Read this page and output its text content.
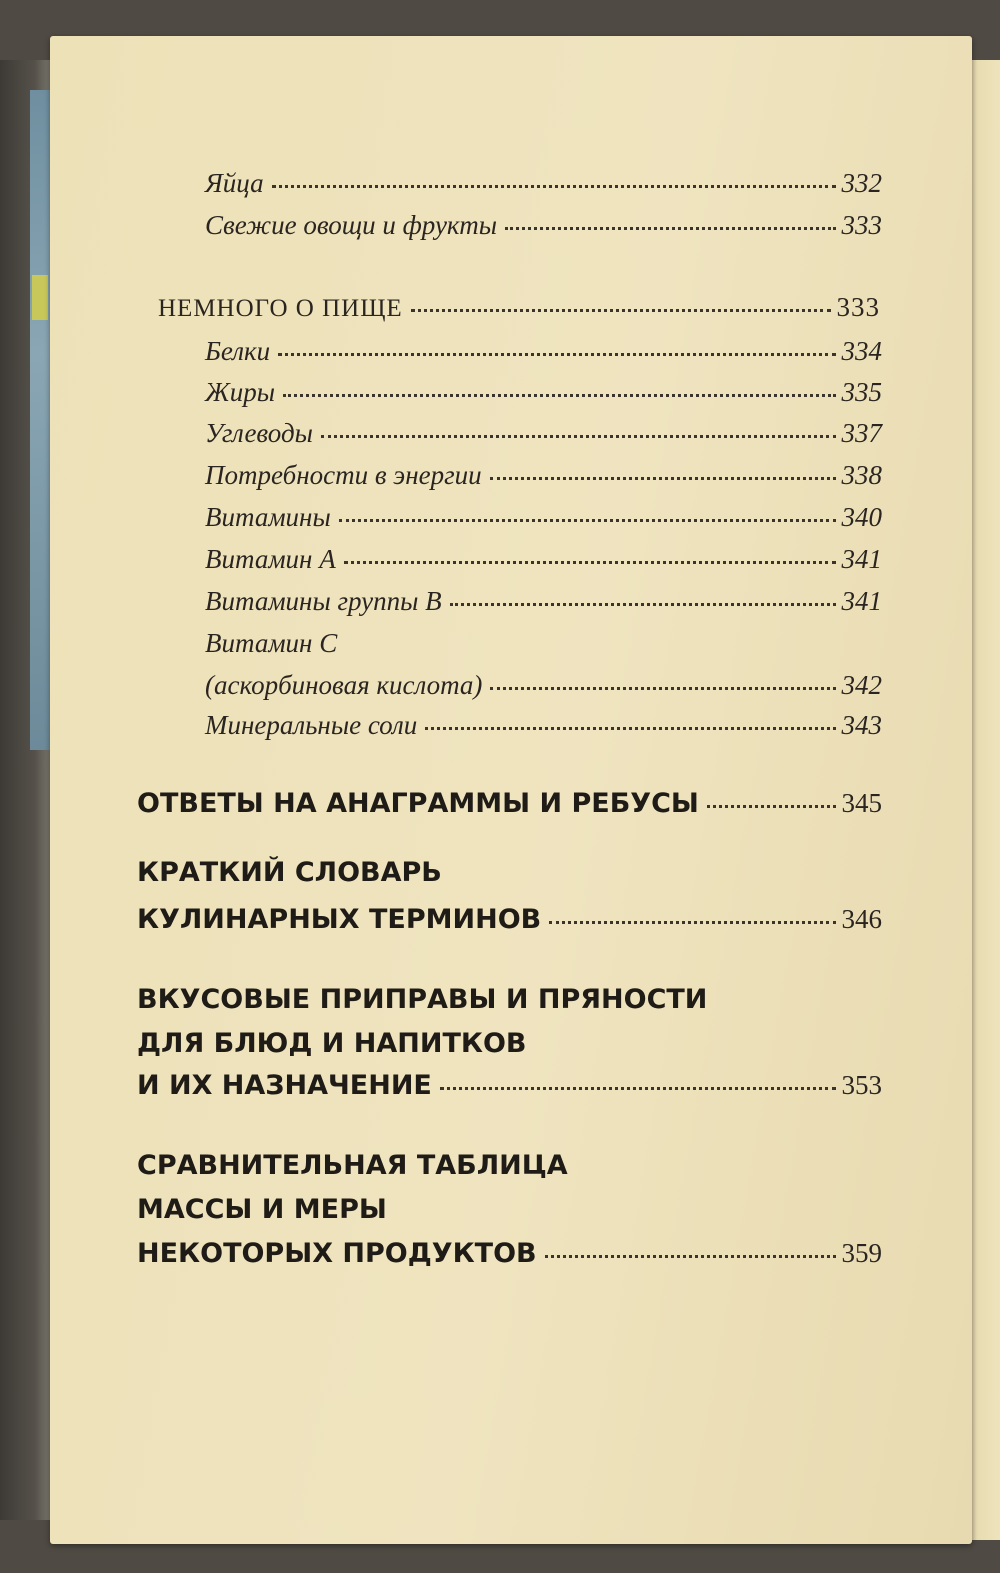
Яйца	332
Свежие овощи и фрукты	333
НЕМНОГО О ПИЩЕ	333
Белки	334
Жиры	335
Углеводы	337
Потребности в энергии	338
Витамины	340
Витамин А	341
Витамины группы В	341
Витамин С
(аскорбиновая кислота)	342
Минеральные соли	343
ОТВЕТЫ НА АНАГРАММЫ И РЕБУСЫ	345
КРАТКИЙ СЛОВАРЬ
КУЛИНАРНЫХ ТЕРМИНОВ	346
ВКУСОВЫЕ ПРИПРАВЫ И ПРЯНОСТИ
ДЛЯ БЛЮД И НАПИТКОВ
И ИХ НАЗНАЧЕНИЕ	353
СРАВНИТЕЛЬНАЯ ТАБЛИЦА
МАССЫ И МЕРЫ
НЕКОТОРЫХ ПРОДУКТОВ	359
